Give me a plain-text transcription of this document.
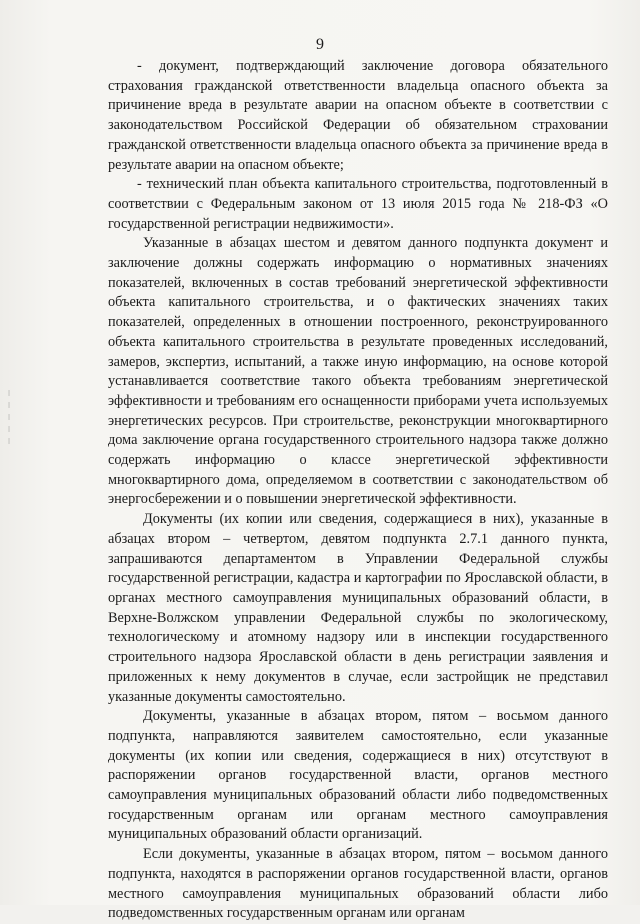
9
‖
‖
‖
‖
‖

- документ, подтверждающий заключение договора обязательного страхования гражданской ответственности владельца опасного объекта за причинение вреда в результате аварии на опасном объекте в соответствии с законодательством Российской Федерации об обязательном страховании гражданской ответственности владельца опасного объекта за причинение вреда в результате аварии на опасном объекте;

- технический план объекта капитального строительства, подготовленный в соответствии с Федеральным законом от 13 июля 2015 года № 218-ФЗ «О государственной регистрации недвижимости».

Указанные в абзацах шестом и девятом данного подпункта документ и заключение должны содержать информацию о нормативных значениях показателей, включенных в состав требований энергетической эффективности объекта капитального строительства, и о фактических значениях таких показателей, определенных в отношении построенного, реконструированного объекта капитального строительства в результате проведенных исследований, замеров, экспертиз, испытаний, а также иную информацию, на основе которой устанавливается соответствие такого объекта требованиям энергетической эффективности и требованиям его оснащенности приборами учета используемых энергетических ресурсов. При строительстве, реконструкции многоквартирного дома заключение органа государственного строительного надзора также должно содержать информацию о классе энергетической эффективности многоквартирного дома, определяемом в соответствии с законодательством об энергосбережении и о повышении энергетической эффективности.

Документы (их копии или сведения, содержащиеся в них), указанные в абзацах втором – четвертом, девятом подпункта 2.7.1 данного пункта, запрашиваются департаментом в Управлении Федеральной службы государственной регистрации, кадастра и картографии по Ярославской области, в органах местного самоуправления муниципальных образований области, в Верхне-Волжском управлении Федеральной службы по экологическому, технологическому и атомному надзору или в инспекции государственного строительного надзора Ярославской области в день регистрации заявления и приложенных к нему документов в случае, если застройщик не представил указанные документы самостоятельно.

Документы, указанные в абзацах втором, пятом – восьмом данного подпункта, направляются заявителем самостоятельно, если указанные документы (их копии или сведения, содержащиеся в них) отсутствуют в распоряжении органов государственной власти, органов местного самоуправления муниципальных образований области либо подведомственных государственным органам или органам местного самоуправления муниципальных образований области организаций.

Если документы, указанные в абзацах втором, пятом – восьмом данного подпункта, находятся в распоряжении органов государственной власти, органов местного самоуправления муниципальных образований области либо подведомственных государственным органам или органам
